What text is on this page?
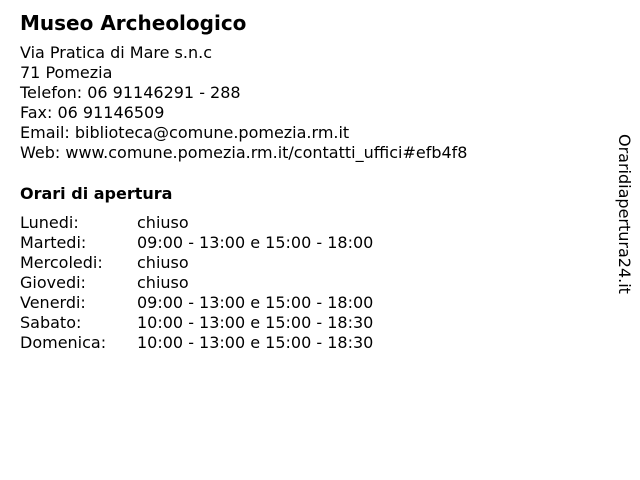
Museo Archeologico
Via Pratica di Mare s.n.c
71 Pomezia
Telefon: 06 91146291 - 288
Fax: 06 91146509
Email: biblioteca@comune.pomezia.rm.it
Web: www.comune.pomezia.rm.it/contatti_uffici#efb4f8
Orari di apertura
Lunedi:	chiuso
Martedi:	09:00 - 13:00 e 15:00 - 18:00
Mercoledi: chiuso
Giovedi:	chiuso
Venerdi:	09:00 - 13:00 e 15:00 - 18:00
Sabato:	10:00 - 13:00 e 15:00 - 18:30
Domenica: 10:00 - 13:00 e 15:00 - 18:30
Oraridiapertura24.it
